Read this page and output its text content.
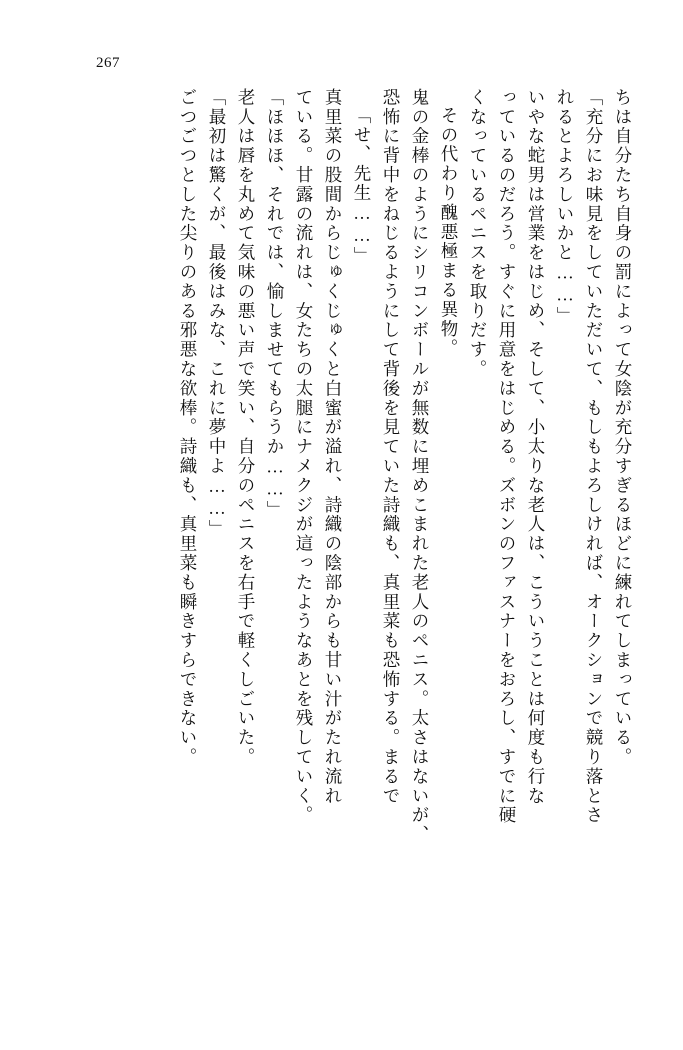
267
ちは自分たち自身の罰によって女陰が充分すぎるほどに練れてしまっている。
「充分にお味見をしていただいて、もしもよろしければ、オークションで競り落とさ
れるとよろしいかと……」
いやな蛇男は営業をはじめ、そして、小太りな老人は、こういうことは何度も行な
っているのだろう。すぐに用意をはじめる。ズボンのファスナーをおろし、すでに硬
くなっているペニスを取りだす。
その代わり醜悪極まる異物。
鬼の金棒のようにシリコンボールが無数に埋めこまれた老人のペニス。太さはないが、
恐怖に背中をねじるようにして背後を見ていた詩織も、真里菜も恐怖する。まるで
「せ、先生……」
真里菜の股間からじゅくじゅくと白蜜が溢れ、詩織の陰部からも甘い汁がたれ流れ
ている。甘露の流れは、女たちの太腿にナメクジが這ったようなあとを残していく。
「ほほほ、それでは、愉しませてもらうか……」
老人は唇を丸めて気味の悪い声で笑い、自分のペニスを右手で軽くしごいた。
「最初は驚くが、最後はみな、これに夢中よ……」
ごつごつとした尖りのある邪悪な欲棒。詩織も、真里菜も瞬きすらできない。
